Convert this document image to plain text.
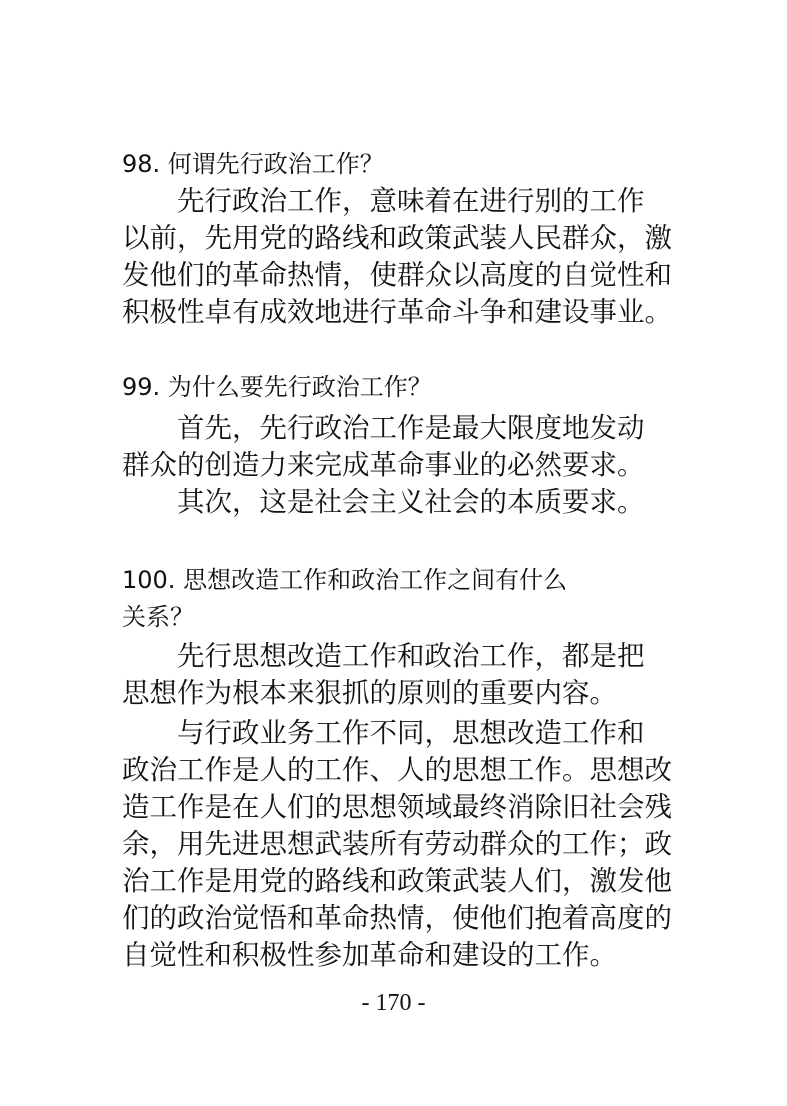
98. 何谓先行政治工作？
先行政治工作，意味着在进行别的工作
以前，先用党的路线和政策武装人民群众，激
发他们的革命热情，使群众以高度的自觉性和
积极性卓有成效地进行革命斗争和建设事业。
99. 为什么要先行政治工作？
首先，先行政治工作是最大限度地发动
群众的创造力来完成革命事业的必然要求。
其次，这是社会主义社会的本质要求。
100. 思想改造工作和政治工作之间有什么
关系？
先行思想改造工作和政治工作，都是把
思想作为根本来狠抓的原则的重要内容。
与行政业务工作不同，思想改造工作和
政治工作是人的工作、人的思想工作。思想改
造工作是在人们的思想领域最终消除旧社会残
余，用先进思想武装所有劳动群众的工作；政
治工作是用党的路线和政策武装人们，激发他
们的政治觉悟和革命热情，使他们抱着高度的
自觉性和积极性参加革命和建设的工作。
- 170 -
